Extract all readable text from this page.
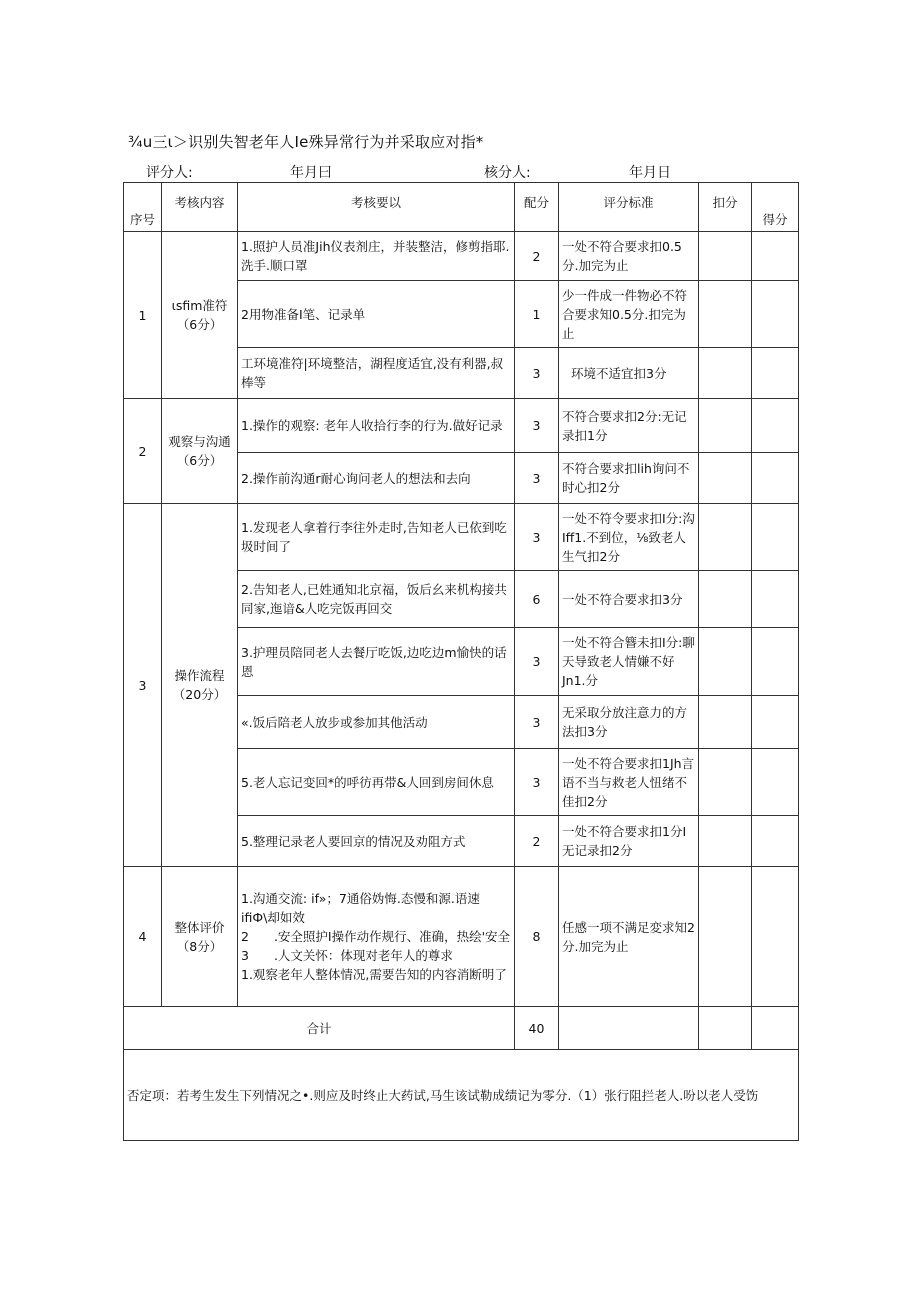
¾u三ι＞识别失智老年人Ie殊异常行为并采取应对指*
评分人:	年月曰	核分人:	年月日
序号	考核内容	考核要以	配分	评分标准	扣分	得分
1	ιsfim准符（6分）	1.照护人员准Jih仪表剂庄，并装整洁，修剪指耶.洗手.顺口罩	2	一处不符合要求扣0.5分.加完为止		
		2用物准备I笔、记录单	1	少一件成一件物必不符合要求知0.5分.扣完为止		
		工环境准符|环境整洁，湖程度适宜,没有利器,叔棒等	3	环境不适宜扣3分		
2	观察与沟通（6分）	1.操作的观察: 老年人收拾行李的行为.做好记录	3	不符合要求扣2分:无记录扣1分		
		2.操作前沟通r耐心询问老人的想法和去向	3	不符合要求扣lih询问不时心扣2分		
3	操作流程（20分）	1.发现老人拿着行李往外走时,告知老人已依到吃圾时间了	3	一处不符令要求扣I分:沟Iff1.不到位，⅛致老人生气扣2分		
		2.告知老人,已姓通知北京福，饭后幺来机构接共同家,迤谙&人吃完饭再回交	6	一处不符合要求扣3分		
		3.护理员陪同老人去餐厅吃饭,边吃边m愉快的话恩	3	一处不符合簪未扣I分:聊天导致老人情嫌不好Jn1.分		
		«.饭后陪老人放步或参加其他活动	3	无采取分放注意力的方法扣3分		
		5.老人忘记变回*的呼彷再带&人回到房间休息	3	一处不符合要求扣1Jh言语不当与救老人忸绪不佳扣2分		
		5.整理记录老人要回京的情况及劝阻方式	2	一处不符合要求扣1分I无记录扣2分		
4	整体评价（8分）	1.沟通交流: if»；7通俗妫悔.态慢和源.语速ifiФ\却如效
2　　.安全照护I操作动作规行、准确，热绘'安全
3　　.人文关怀：体现对老年人的尊求
1.观察老年人整体情况,需要告知的内容消断明了	8	任感一项不满足変求知2分.加完为止		
合计			40			
否定项：若考生发生下列情况之•.则应及时终止大药试,马生该试勒成绩记为零分.（1）张行阻拦老人.吩以老人受饬						
